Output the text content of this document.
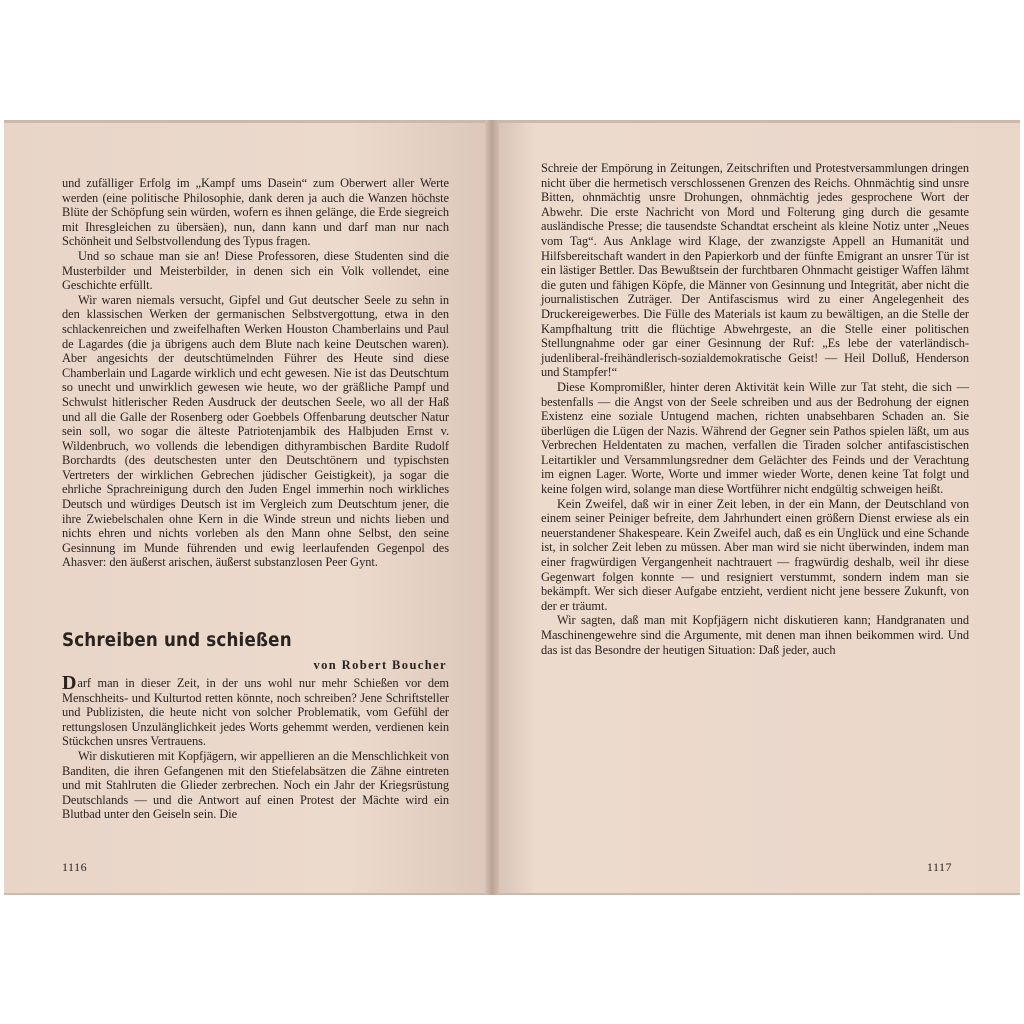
und zufälliger Erfolg im „Kampf ums Dasein“ zum Oberwert aller Werte werden (eine politische Philosophie, dank deren ja auch die Wanzen höchste Blüte der Schöpfung sein würden, wofern es ihnen gelänge, die Erde siegreich mit Ihresgleichen zu übersäen), nun, dann kann und darf man nur nach Schönheit und Selbstvollendung des Typus fragen.

Und so schaue man sie an! Diese Professoren, diese Studenten sind die Musterbilder und Meisterbilder, in denen sich ein Volk vollendet, eine Geschichte erfüllt.

Wir waren niemals versucht, Gipfel und Gut deutscher Seele zu sehn in den klassischen Werken der germanischen Selbstvergottung, etwa in den schlackenreichen und zweifelhaften Werken Houston Chamberlains und Paul de Lagardes (die ja übrigens auch dem Blute nach keine Deutschen waren). Aber angesichts der deutschtümelnden Führer des Heute sind diese Chamberlain und Lagarde wirklich und echt gewesen. Nie ist das Deutschtum so unecht und unwirklich gewesen wie heute, wo der gräßliche Pampf und Schwulst hitlerischer Reden Ausdruck der deutschen Seele, wo all der Haß und all die Galle der Rosenberg oder Goebbels Offenbarung deutscher Natur sein soll, wo sogar die älteste Patriotenjambik des Halbjuden Ernst v. Wildenbruch, wo vollends die lebendigen dithyrambischen Bardite Rudolf Borchardts (des deutschesten unter den Deutschtönern und typischsten Vertreters der wirklichen Gebrechen jüdischer Geistigkeit), ja sogar die ehrliche Sprachreinigung durch den Juden Engel immerhin noch wirkliches Deutsch und würdiges Deutsch ist im Vergleich zum Deutschtum jener, die ihre Zwiebelschalen ohne Kern in die Winde streun und nichts lieben und nichts ehren und nichts vorleben als den Mann ohne Selbst, den seine Gesinnung im Munde führenden und ewig leerlaufenden Gegenpol des Ahasver: den äußerst arischen, äußerst substanzlosen Peer Gynt.

Schreiben und schießen
von Robert Boucher

Darf man in dieser Zeit, in der uns wohl nur mehr Schießen vor dem Menschheits- und Kulturtod retten könnte, noch schreiben? Jene Schriftsteller und Publizisten, die heute nicht von solcher Problematik, vom Gefühl der rettungslosen Unzulänglichkeit jedes Worts gehemmt werden, verdienen kein Stückchen unsres Vertrauens.

Wir diskutieren mit Kopfjägern, wir appellieren an die Menschlichkeit von Banditen, die ihren Gefangenen mit den Stiefelabsätzen die Zähne eintreten und mit Stahlruten die Glieder zerbrechen. Noch ein Jahr der Kriegsrüstung Deutschlands — und die Antwort auf einen Protest der Mächte wird ein Blutbad unter den Geiseln sein. Die

1116

Schreie der Empörung in Zeitungen, Zeitschriften und Protestversammlungen dringen nicht über die hermetisch verschlossenen Grenzen des Reichs. Ohnmächtig sind unsre Bitten, ohnmächtig unsre Drohungen, ohnmächtig jedes gesprochene Wort der Abwehr. Die erste Nachricht von Mord und Folterung ging durch die gesamte ausländische Presse; die tausendste Schandtat erscheint als kleine Notiz unter „Neues vom Tag“. Aus Anklage wird Klage, der zwanzigste Appell an Humanität und Hilfsbereitschaft wandert in den Papierkorb und der fünfte Emigrant an unsrer Tür ist ein lästiger Bettler. Das Bewußtsein der furchtbaren Ohnmacht geistiger Waffen lähmt die guten und fähigen Köpfe, die Männer von Gesinnung und Integrität, aber nicht die journalistischen Zuträger. Der Antifascismus wird zu einer Angelegenheit des Druckereigewerbes. Die Fülle des Materials ist kaum zu bewältigen, an die Stelle der Kampfhaltung tritt die flüchtige Abwehrgeste, an die Stelle einer politischen Stellungnahme oder gar einer Gesinnung der Ruf: „Es lebe der vaterländisch-judenliberal-freihändlerisch-sozialdemokratische Geist! — Heil Dolluß, Henderson und Stampfer!“

Diese Kompromißler, hinter deren Aktivität kein Wille zur Tat steht, die sich — bestenfalls — die Angst von der Seele schreiben und aus der Bedrohung der eignen Existenz eine soziale Untugend machen, richten unabsehbaren Schaden an. Sie überlügen die Lügen der Nazis. Während der Gegner sein Pathos spielen läßt, um aus Verbrechen Heldentaten zu machen, verfallen die Tiraden solcher antifascistischen Leitartikler und Versammlungsredner dem Gelächter des Feinds und der Verachtung im eignen Lager. Worte, Worte und immer wieder Worte, denen keine Tat folgt und keine folgen wird, solange man diese Wortführer nicht endgültig schweigen heißt.

Kein Zweifel, daß wir in einer Zeit leben, in der ein Mann, der Deutschland von einem seiner Peiniger befreite, dem Jahrhundert einen größern Dienst erwiese als ein neuerstandener Shakespeare. Kein Zweifel auch, daß es ein Unglück und eine Schande ist, in solcher Zeit leben zu müssen. Aber man wird sie nicht überwinden, indem man einer fragwürdigen Vergangenheit nachtrauert — fragwürdig deshalb, weil ihr diese Gegenwart folgen konnte — und resigniert verstummt, sondern indem man sie bekämpft. Wer sich dieser Aufgabe entzieht, verdient nicht jene bessere Zukunft, von der er träumt.

Wir sagten, daß man mit Kopfjägern nicht diskutieren kann; Handgranaten und Maschinengewehre sind die Argumente, mit denen man ihnen beikommen wird. Und das ist das Besondre der heutigen Situation: Daß jeder, auch

1117
